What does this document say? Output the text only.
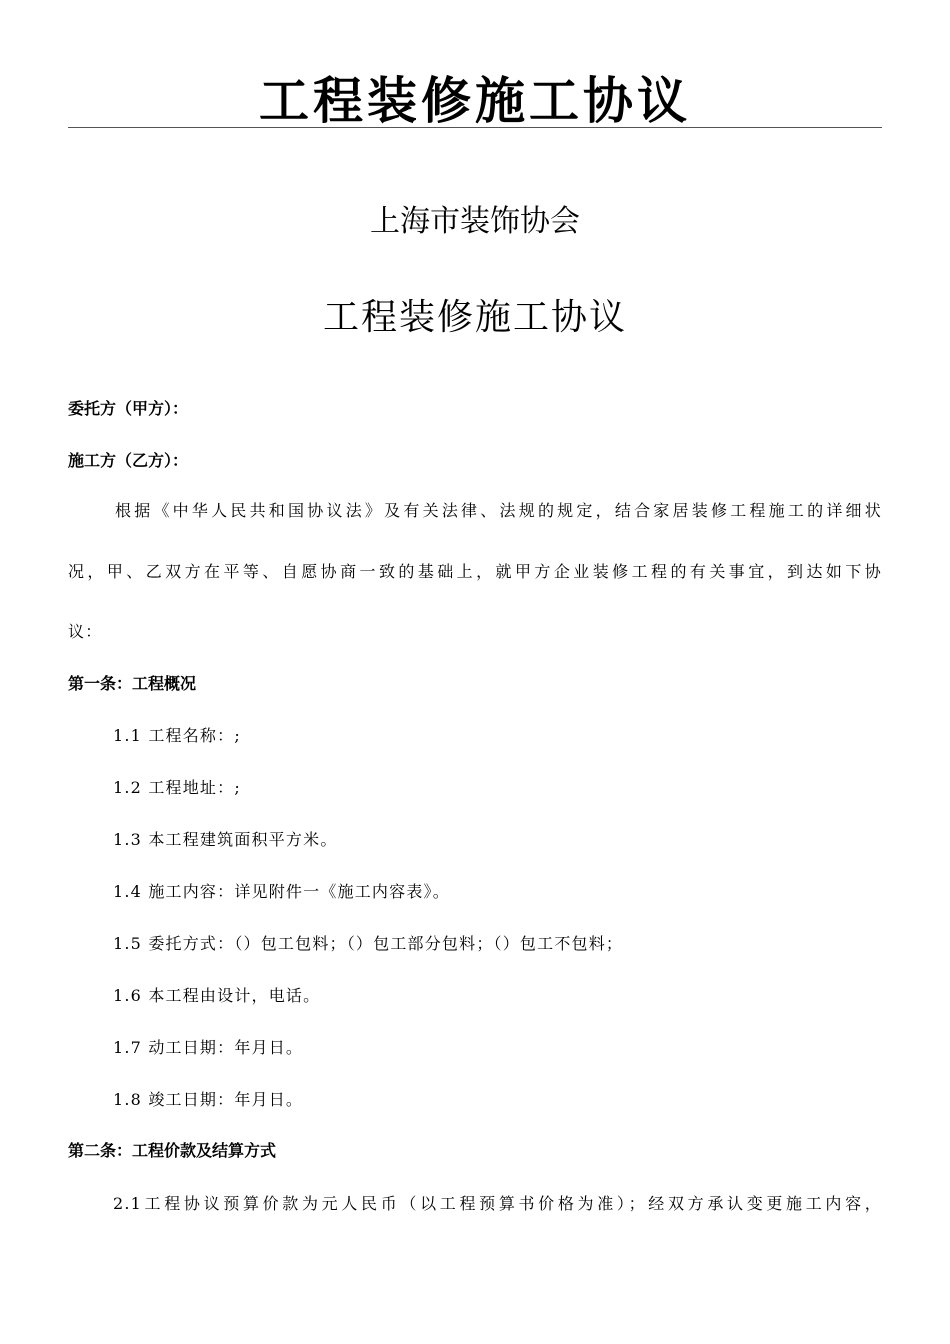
工程装修施工协议
上海市装饰协会
工程装修施工协议
委托方（甲方）：
施工方（乙方）：
根据《中华人民共和国协议法》及有关法律、法规的规定，结合家居装修工程施工的详细状
况，甲、乙双方在平等、自愿协商一致的基础上，就甲方企业装修工程的有关事宜，到达如下协
议：
第一条：工程概况
1.1 工程名称：;
1.2 工程地址：;
1.3 本工程建筑面积平方米。
1.4 施工内容：详见附件一《施工内容表》。
1.5 委托方式：（）包工包料；（）包工部分包料；（）包工不包料；
1.6 本工程由设计，电话。
1.7 动工日期：年月日。
1.8 竣工日期：年月日。
第二条：工程价款及结算方式
2.1工程协议预算价款为元人民币（以工程预算书价格为准）；经双方承认变更施工内容，
